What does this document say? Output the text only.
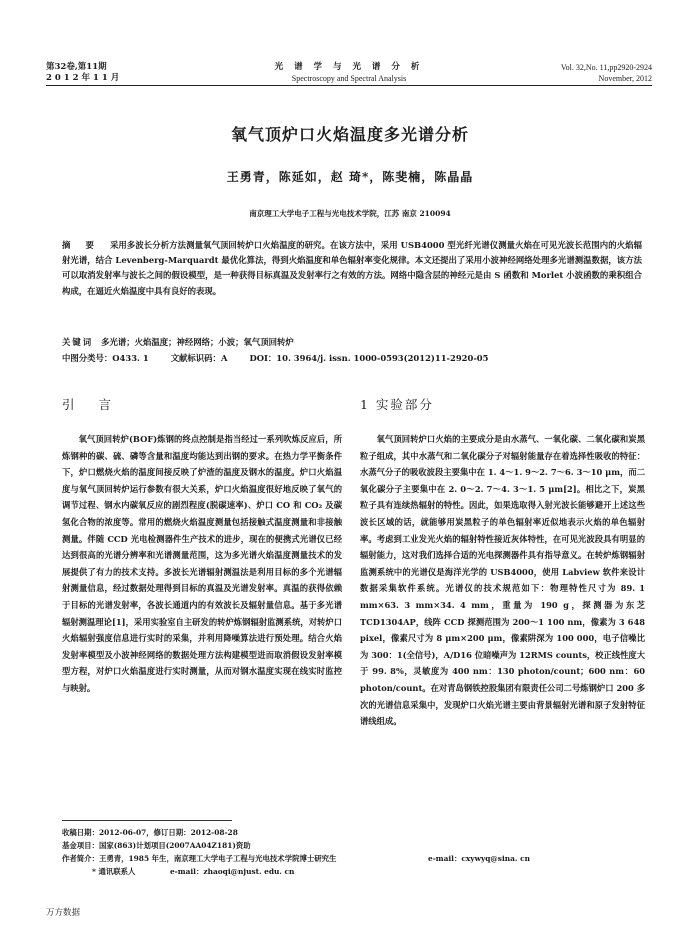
第32卷,第11期
2 0 1 2 年 1 1 月
光 谱 学 与 光 谱 分 析
Spectroscopy and Spectral Analysis
Vol. 32,No. 11,pp2920-2924
November, 2012
氧气顶炉口火焰温度多光谱分析
王勇青，陈延如，赵 琦*，陈斐楠，陈晶晶
南京理工大学电子工程与光电技术学院，江苏 南京 210094
摘 要 采用多波长分析方法测量氧气顶回转炉口火焰温度的研究。在该方法中，采用 USB4000 型光纤光谱仪测量火焰在可见光波长范围内的火焰辐射光谱，结合 Levenberg-Marquardt 最优化算法，得到火焰温度和单色辐射率变化规律。本文还提出了采用小波神经网络处理多光谱测温数据，该方法可以取消发射率与波长之间的假设模型，是一种获得目标真温及发射率行之有效的方法。网络中隐含层的神经元是由 S 函数和 Morlet 小波函数的乘积组合构成，在逼近火焰温度中具有良好的表现。
关键词 多光谱；火焰温度；神经网络；小波；氧气顶回转炉
中图分类号：O433. 1	文献标识码：A	DOI：10. 3964/j. issn. 1000-0593(2012)11-2920-05
引 言
氧气顶回转炉(BOF)炼钢的终点控制是指当经过一系列吹炼反应后，所炼钢种的碳、硫、磷等含量和温度均能达到出钢的要求。在热力学平衡条件下，炉口燃烧火焰的温度间接反映了炉渣的温度及钢水的温度。炉口火焰温度与氧气顶回转炉运行参数有很大关系，炉口火焰温度很好地反映了氧气的调节过程、钢水内碳氧反应的剧烈程度(脱碳速率)、炉口 CO 和 CO₂ 及碳氢化合物的浓度等。常用的燃烧火焰温度测量包括接触式温度测量和非接触测量。伴随 CCD 光电检测器件生产技术的进步，现在的便携式光谱仪已经达到很高的光谱分辨率和光谱测量范围，这为多光谱火焰温度测量技术的发展提供了有力的技术支持。多波长光谱辐射测温法是利用目标的多个光谱辐射测量信息，经过数据处理得到目标的真温及光谱发射率。真温的获得依赖于目标的光谱发射率，各波长通道内的有效波长及辐射量信息。基于多光谱辐射测温理论[1]，采用实验室自主研发的转炉炼钢辐射监测系统，对转炉口火焰辐射强度信息进行实时的采集，并利用降噪算法进行预处理。结合火焰发射率模型及小波神经网络的数据处理方法构建模型进而取消假设发射率模型方程，对炉口火焰温度进行实时测量，从而对钢水温度实现在线实时监控与映射。
1 实验部分
氧气顶回转炉口火焰的主要成分是由水蒸气、一氧化碳、二氧化碳和炭黑粒子组成，其中水蒸气和二氧化碳分子对辐射能量存在着选择性吸收的特征：水蒸气分子的吸收波段主要集中在 1. 4～1. 9～2. 7～6. 3～10 μm，而二氧化碳分子主要集中在 2. 0～2. 7～4. 3～1. 5 μm[2]。相比之下，炭黑粒子具有连续热辐射的特性。因此，如果选取得入射光波长能够避开上述这些波长区域的话，就能够用炭黑粒子的单色辐射率近似地表示火焰的单色辐射率。考虑到工业发光火焰的辐射特性接近灰体特性，在可见光波段具有明显的辐射能力，这对我们选择合适的光电探测器件具有指导意义。在转炉炼钢辐射监测系统中的光谱仪是海洋光学的 USB4000，使用 Labview 软件来设计数据采集软件系统。光谱仪的技术规范如下：物理特性尺寸为 89. 1 mm×63. 3 mm×34. 4 mm，重量为 190 g，探测器为东芝 TCD1304AP，线阵 CCD 探测范围为 200～1 100 nm，像素为 3 648 pixel，像素尺寸为 8 μm×200 μm，像素阱深为 100 000，电子信噪比为 300：1(全信号)，A/D16 位暗噪声为 12RMS counts，校正线性度大于 99. 8%，灵敏度为 400 nm：130 photon/count；600 nm：60 photon/count。在对青岛钢铁控股集团有限责任公司二号炼钢炉口 200 多次的光谱信息采集中，发现炉口火焰光谱主要由背景辐射光谱和原子发射特征谱线组成。
收稿日期：2012-06-07，修订日期：2012-08-28
基金项目：国家(863)计划项目(2007AA04Z181)资助
作者简介：王勇青，1985 年生，南京理工大学电子工程与光电技术学院博士研究生	e-mail：cxywyq@sina. cn
* 通讯联系人	e-mail：zhaoqi@njust. edu. cn
万方数据
